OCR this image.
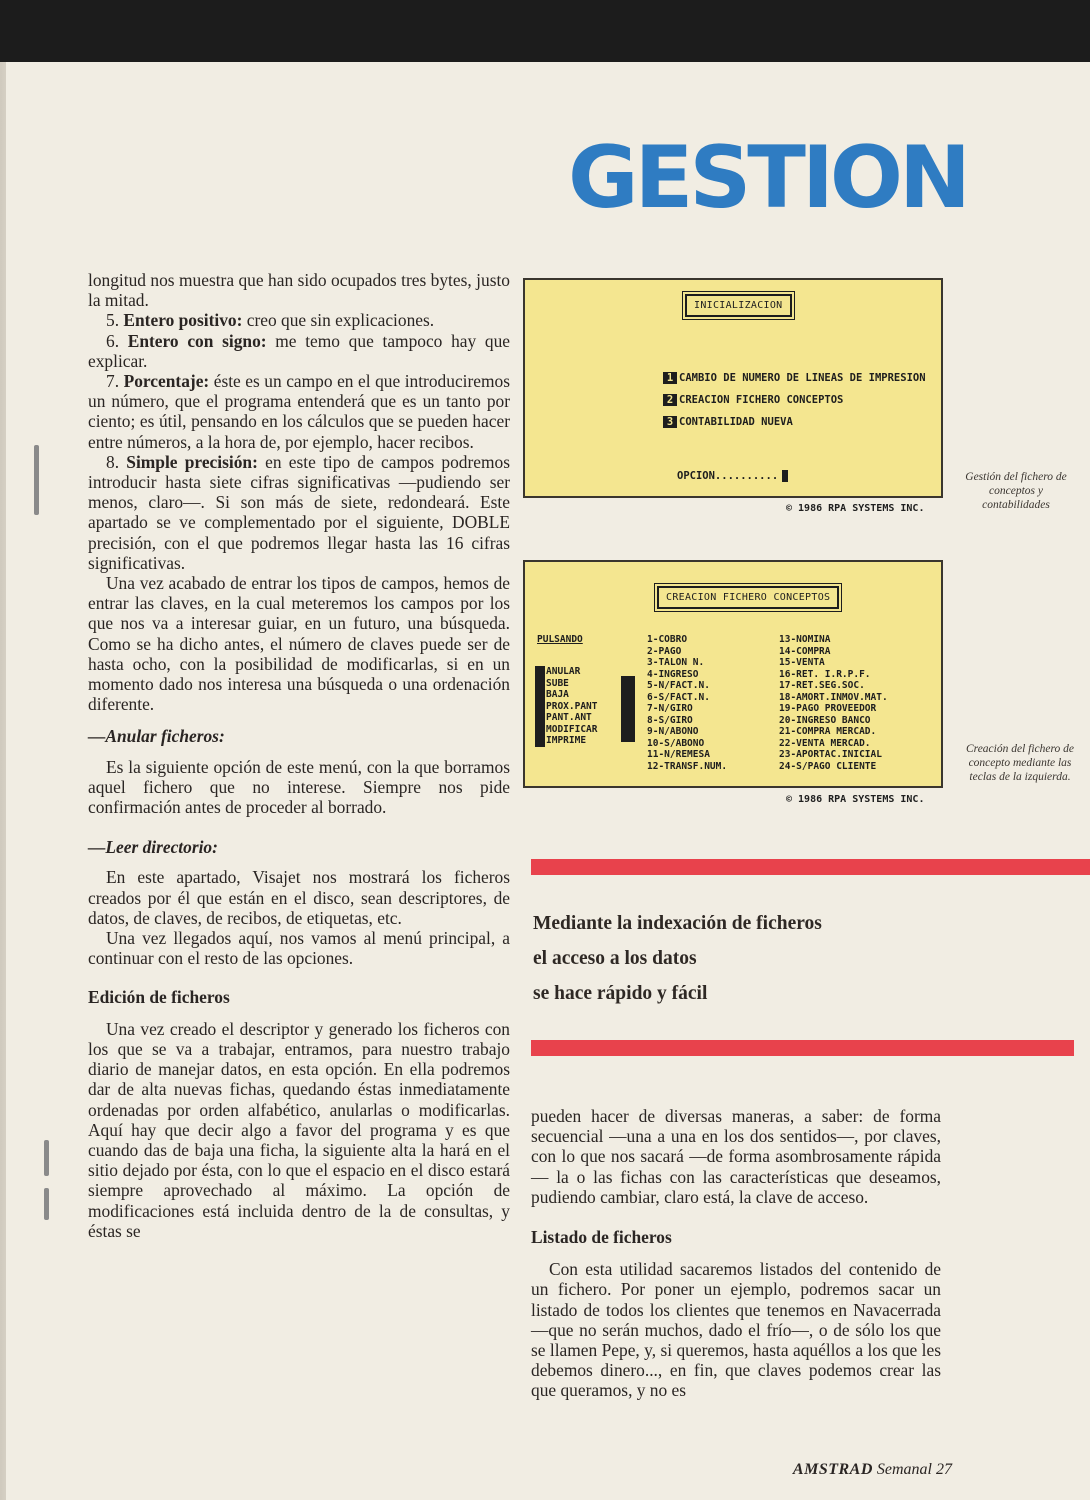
GESTION

longitud nos muestra que han sido ocupados tres bytes, justo la mitad.

5. Entero positivo: creo que sin explicaciones.

6. Entero con signo: me temo que tampoco hay que explicar.

7. Porcentaje: éste es un campo en el que introduciremos un número, que el programa entenderá que es un tanto por ciento; es útil, pensando en los cálculos que se pueden hacer entre números, a la hora de, por ejemplo, hacer recibos.

8. Simple precisión: en este tipo de campos podremos introducir hasta siete cifras significativas —pudiendo ser menos, claro—. Si son más de siete, redondeará. Este apartado se ve complementado por el siguiente, DOBLE precisión, con el que podremos llegar hasta las 16 cifras significativas.

Una vez acabado de entrar los tipos de campos, hemos de entrar las claves, en la cual meteremos los campos por los que nos va a interesar guiar, en un futuro, una búsqueda. Como se ha dicho antes, el número de claves puede ser de hasta ocho, con la posibilidad de modificarlas, si en un momento dado nos interesa una búsqueda o una ordenación diferente.

—Anular ficheros:

Es la siguiente opción de este menú, con la que borramos aquel fichero que no interese. Siempre nos pide confirmación antes de proceder al borrado.

—Leer directorio:

En este apartado, Visajet nos mostrará los ficheros creados por él que están en el disco, sean descriptores, de datos, de claves, de recibos, de etiquetas, etc.

Una vez llegados aquí, nos vamos al menú principal, a continuar con el resto de las opciones.

Edición de ficheros

Una vez creado el descriptor y generado los ficheros con los que se va a trabajar, entramos, para nuestro trabajo diario de manejar datos, en esta opción. En ella podremos dar de alta nuevas fichas, quedando éstas inmediatamente ordenadas por orden alfabético, anularlas o modificarlas. Aquí hay que decir algo a favor del programa y es que cuando das de baja una ficha, la siguiente alta la hará en el sitio dejado por ésta, con lo que el espacio en el disco estará siempre aprovechado al máximo. La opción de modificaciones está incluida dentro de la de consultas, y éstas se

INICIALIZACION
1 CAMBIO DE NUMERO DE LINEAS DE IMPRESION
2 CREACION FICHERO CONCEPTOS
3 CONTABILIDAD NUEVA
OPCION..........
© 1986 RPA SYSTEMS INC.
Gestión del fichero de conceptos y contabilidades
CREACION FICHERO CONCEPTOS
PULSANDO
ANULAR
SUBE
BAJA
PROX.PANT
PANT.ANT
MODIFICAR
IMPRIME
1-COBRO
2-PAGO
3-TALON N.
4-INGRESO
5-N/FACT.N.
6-S/FACT.N.
7-N/GIRO
8-S/GIRO
9-N/ABONO
10-S/ABONO
11-N/REMESA
12-TRANSF.NUM.
13-NOMINA
14-COMPRA
15-VENTA
16-RET. I.R.P.F.
17-RET.SEG.SOC.
18-AMORT.INMOV.MAT.
19-PAGO PROVEEDOR
20-INGRESO BANCO
21-COMPRA MERCAD.
22-VENTA MERCAD.
23-APORTAC.INICIAL
24-S/PAGO CLIENTE
© 1986 RPA SYSTEMS INC.
Creación del fichero de concepto mediante las teclas de la izquierda.
Mediante la indexación de ficheros
el acceso a los datos
se hace rápido y fácil

pueden hacer de diversas maneras, a saber: de forma secuencial —una a una en los dos sentidos—, por claves, con lo que nos sacará —de forma asombrosamente rápida— la o las fichas con las características que deseamos, pudiendo cambiar, claro está, la clave de acceso.

Listado de ficheros

Con esta utilidad sacaremos listados del contenido de un fichero. Por poner un ejemplo, podremos sacar un listado de todos los clientes que tenemos en Navacerrada —que no serán muchos, dado el frío—, o de sólo los que se llamen Pepe, y, si queremos, hasta aquéllos a los que les debemos dinero..., en fin, que claves podemos crear las que queramos, y no es

AMSTRAD Semanal 27
